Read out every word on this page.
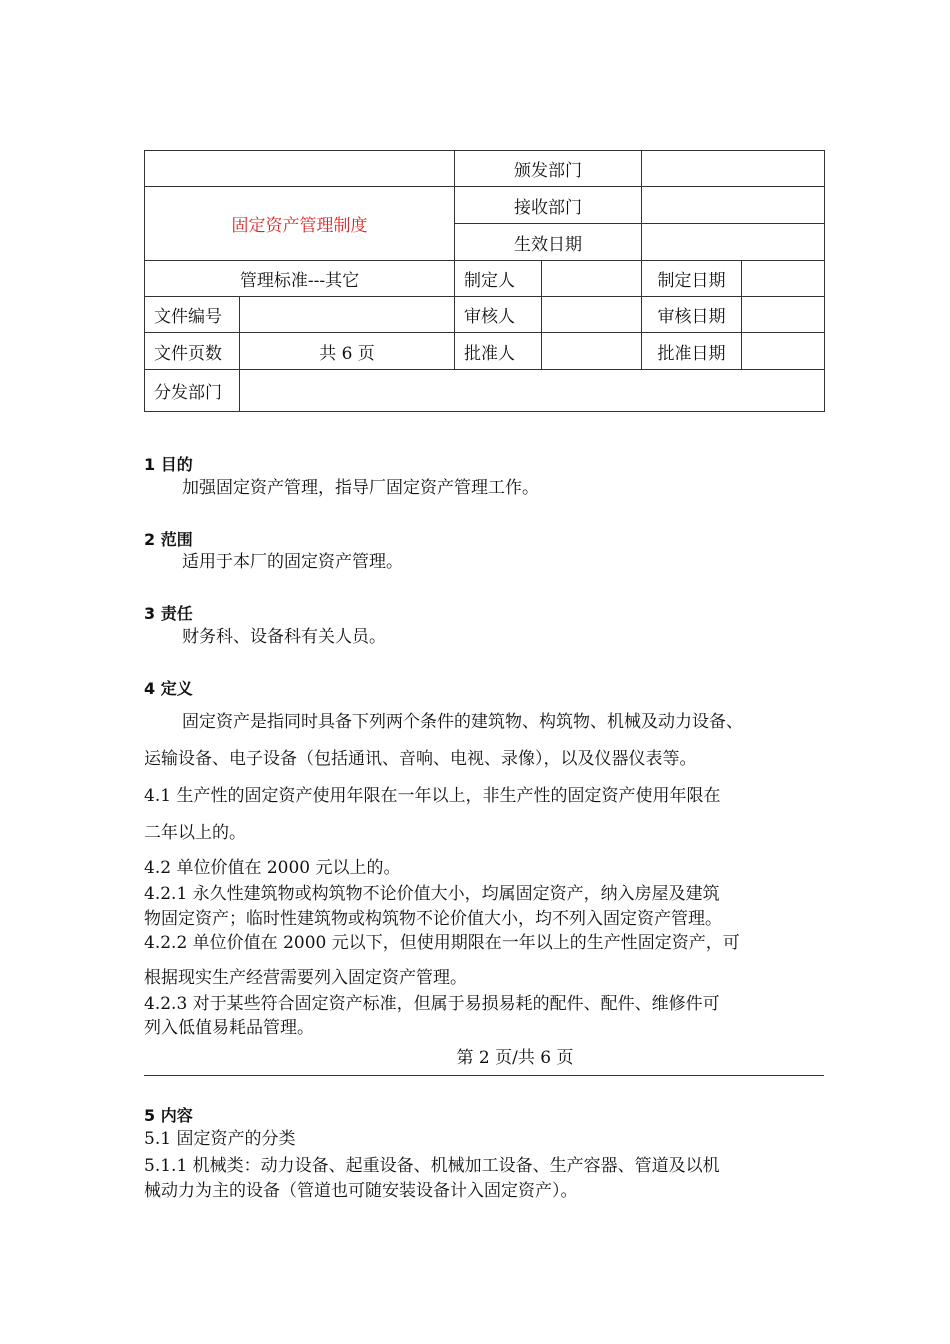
		颁发部门			
固定资产管理制度		接收部门			
		生效日期			
管理标准---其它		制定人		制定日期	
文件编号		审核人		审核日期	
文件页数	共 6 页	批准人		批准日期	
分发部门					
1 目的
加强固定资产管理，指导厂固定资产管理工作。
2 范围
适用于本厂的固定资产管理。
3 责任
财务科、设备科有关人员。
4 定义
固定资产是指同时具备下列两个条件的建筑物、构筑物、机械及动力设备、
运输设备、电子设备（包括通讯、音响、电视、录像），以及仪器仪表等。
4.1 生产性的固定资产使用年限在一年以上，非生产性的固定资产使用年限在
二年以上的。
4.2 单位价值在 2000 元以上的。
4.2.1 永久性建筑物或构筑物不论价值大小，均属固定资产，纳入房屋及建筑
物固定资产；临时性建筑物或构筑物不论价值大小，均不列入固定资产管理。
4.2.2 单位价值在 2000 元以下，但使用期限在一年以上的生产性固定资产，可
根据现实生产经营需要列入固定资产管理。
4.2.3 对于某些符合固定资产标准，但属于易损易耗的配件、配件、维修件可
列入低值易耗品管理。
第 2 页/共 6 页
5 内容
5.1 固定资产的分类
5.1.1 机械类：动力设备、起重设备、机械加工设备、生产容器、管道及以机
械动力为主的设备（管道也可随安装设备计入固定资产）。
